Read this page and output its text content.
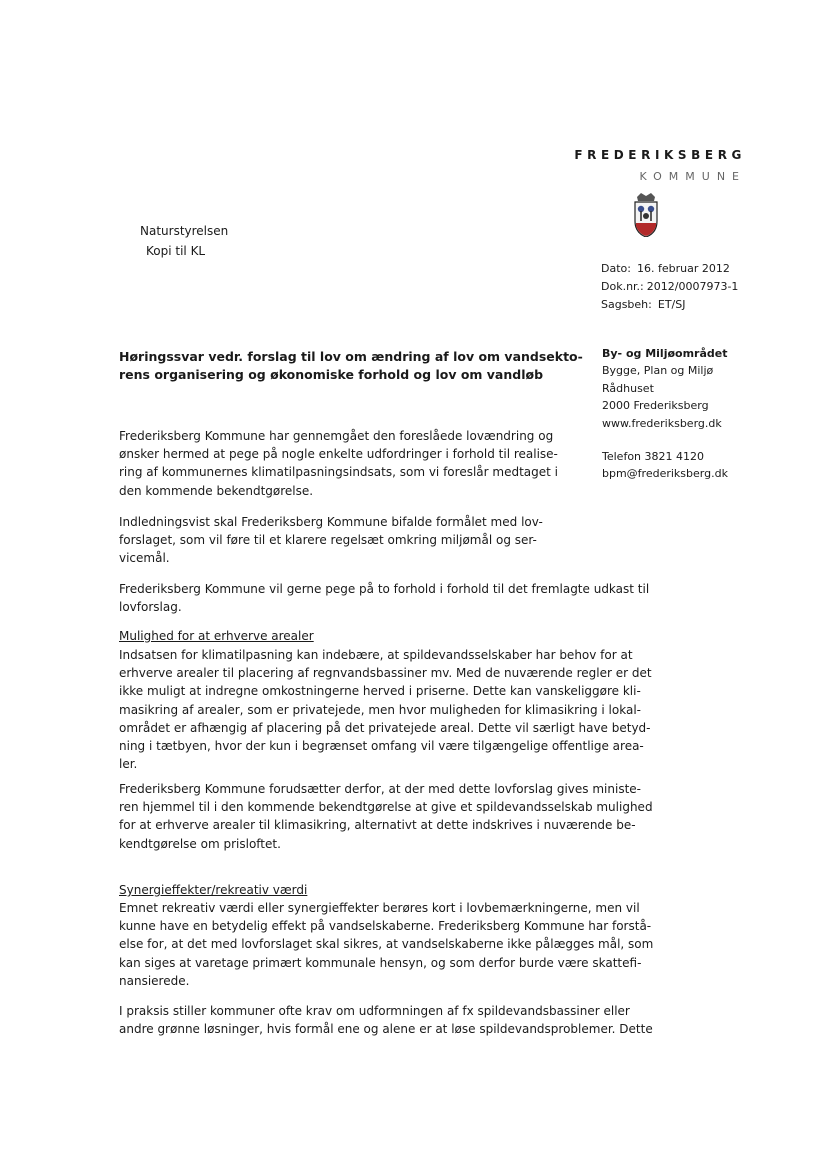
FREDERIKSBERG
KOMMUNE
Naturstyrelsen
Kopi til KL
Dato: 16. februar 2012
Dok.nr.: 2012/0007973-1
Sagsbeh: ET/SJ
By- og Miljøområdet
Bygge, Plan og Miljø
Rådhuset
2000 Frederiksberg
www.frederiksberg.dk
Telefon 3821 4120
bpm@frederiksberg.dk
Høringssvar vedr. forslag til lov om ændring af lov om vandsekto-
rens organisering og økonomiske forhold og lov om vandløb
Frederiksberg Kommune har gennemgået den foreslåede lovændring og
ønsker hermed at pege på nogle enkelte udfordringer i forhold til realise-
ring af kommunernes klimatilpasningsindsats, som vi foreslår medtaget i
den kommende bekendtgørelse.
Indledningsvist skal Frederiksberg Kommune bifalde formålet med lov-
forslaget, som vil føre til et klarere regelsæt omkring miljømål og ser-
vicemål.
Frederiksberg Kommune vil gerne pege på to forhold i forhold til det fremlagte udkast til
lovforslag.
Mulighed for at erhverve arealer
Indsatsen for klimatilpasning kan indebære, at spildevandsselskaber har behov for at
erhverve arealer til placering af regnvandsbassiner mv. Med de nuværende regler er det
ikke muligt at indregne omkostningerne herved i priserne. Dette kan vanskeliggøre kli-
masikring af arealer, som er privatejede, men hvor muligheden for klimasikring i lokal-
området er afhængig af placering på det privatejede areal. Dette vil særligt have betyd-
ning i tætbyen, hvor der kun i begrænset omfang vil være tilgængelige offentlige area-
ler.
Frederiksberg Kommune forudsætter derfor, at der med dette lovforslag gives ministe-
ren hjemmel til i den kommende bekendtgørelse at give et spildevandsselskab mulighed
for at erhverve arealer til klimasikring, alternativt at dette indskrives i nuværende be-
kendtgørelse om prisloftet.
Synergieffekter/rekreativ værdi
Emnet rekreativ værdi eller synergieffekter berøres kort i lovbemærkningerne, men vil
kunne have en betydelig effekt på vandselskaberne. Frederiksberg Kommune har forstå-
else for, at det med lovforslaget skal sikres, at vandselskaberne ikke pålægges mål, som
kan siges at varetage primært kommunale hensyn, og som derfor burde være skattefi-
nansierede.
I praksis stiller kommuner ofte krav om udformningen af fx spildevandsbassiner eller
andre grønne løsninger, hvis formål ene og alene er at løse spildevandsproblemer. Dette
